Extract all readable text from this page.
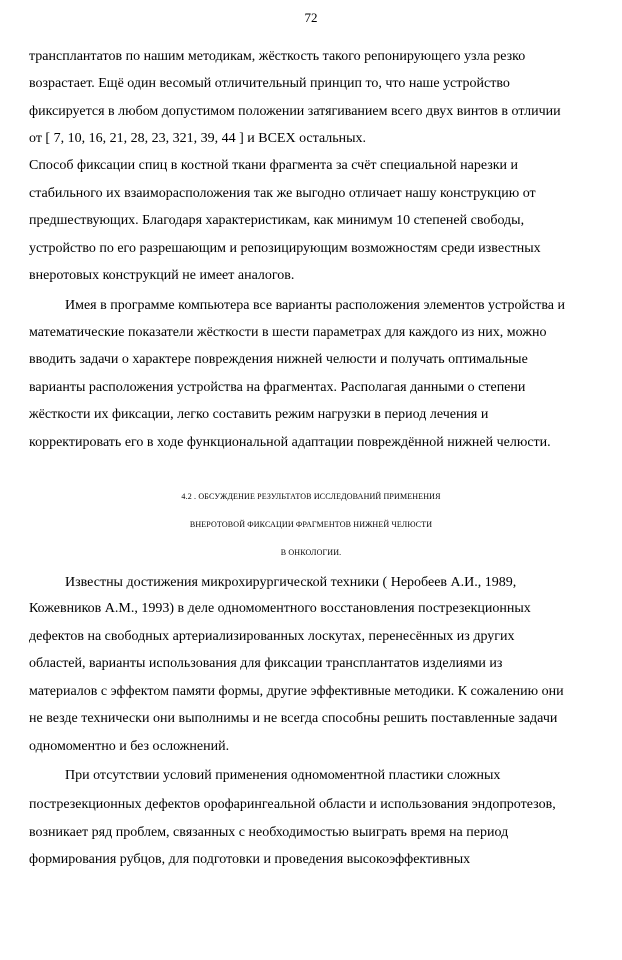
72
трансплантатов по нашим методикам, жёсткость такого репонирующего узла резко
возрастает. Ещё один весомый отличительный принцип то, что наше устройство
фиксируется в любом допустимом положении затягиванием всего двух винтов в отличии
от [ 7, 10, 16, 21, 28, 23, 321, 39, 44 ] и ВСЕХ остальных.
Способ фиксации спиц в костной ткани фрагмента за счёт специальной нарезки и
стабильного их взаиморасположения так же выгодно отличает нашу конструкцию от
предшествующих. Благодаря характеристикам, как минимум 10 степеней свободы,
устройство по его разрешающим и репозицирующим возможностям среди известных
внеротовых конструкций не имеет аналогов.
Имея в программе компьютера все варианты расположения элементов устройства и
математические показатели жёсткости в шести параметрах для каждого из них, можно
вводить задачи о характере повреждения нижней челюсти и получать оптимальные
варианты расположения устройства на фрагментах. Располагая данными о степени
жёсткости их фиксации, легко составить режим нагрузки в период лечения и
корректировать его в ходе функциональной адаптации повреждённой нижней челюсти.
4.2 . ОБСУЖДЕНИЕ РЕЗУЛЬТАТОВ ИССЛЕДОВАНИЙ ПРИМЕНЕНИЯ
ВНЕРОТОВОЙ ФИКСАЦИИ ФРАГМЕНТОВ НИЖНЕЙ ЧЕЛЮСТИ
В ОНКОЛОГИИ.
Известны достижения микрохирургической техники ( Неробеев А.И., 1989,
Кожевников А.М., 1993) в деле одномоментного восстановления пострезекционных
дефектов на свободных артериализированных лоскутах, перенесённых из других
областей, варианты использования для фиксации трансплантатов изделиями из
материалов с эффектом памяти формы, другие эффективные методики. К сожалению они
не везде технически они выполнимы и не всегда способны решить поставленные задачи
одномоментно и без осложнений.
При отсутствии условий применения одномоментной пластики сложных
пострезекционных дефектов орофарингеальной области и использования эндопротезов,
возникает ряд проблем, связанных с необходимостью выиграть время на период
формирования рубцов, для подготовки и проведения высокоэффективных
